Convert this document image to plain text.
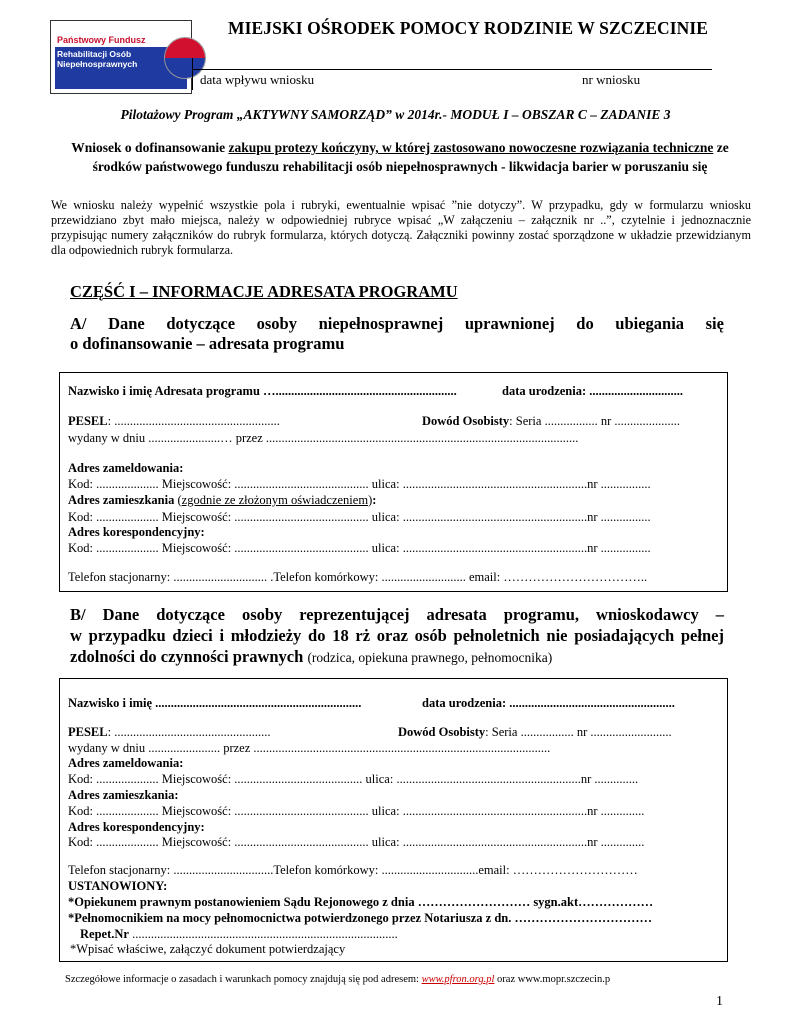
Państwowy Fundusz
Rehabilitacji Osób
Niepełnosprawnych
MIEJSKI OŚRODEK POMOCY RODZINIE W SZCZECINIE
data wpływu wniosku	nr wniosku
Pilotażowy Program „AKTYWNY SAMORZĄD” w 2014r.- MODUŁ I – OBSZAR C – ZADANIE 3
Wniosek o dofinansowanie zakupu protezy kończyny, w której zastosowano nowoczesne rozwiązania techniczne ze środków państwowego funduszu rehabilitacji osób niepełnosprawnych - likwidacja barier w poruszaniu się
We wniosku należy wypełnić wszystkie pola i rubryki, ewentualnie wpisać ”nie dotyczy”. W przypadku, gdy w formularzu wniosku przewidziano zbyt mało miejsca, należy w odpowiedniej rubryce wpisać „W załączeniu – załącznik nr ..”, czytelnie i jednoznacznie przypisując numery załączników do rubryk formularza, których dotyczą. Załączniki powinny zostać sporządzone w układzie przewidzianym dla odpowiednich rubryk formularza.
CZĘŚĆ I – INFORMACJE ADRESATA PROGRAMU
A/ Dane dotyczące osoby niepełnosprawnej uprawnionej do ubiegania się
o dofinansowanie – adresata programu
Nazwisko i imię Adresata programu …..........................................................	data urodzenia: ..............................
PESEL: .....................................................	Dowód Osobisty: Seria ................. nr .....................
wydany w dniu .......................… przez ....................................................................................................
Adres zameldowania:
Kod: .................... Miejscowość: ........................................... ulica: ...........................................................nr ................
Adres zamieszkania (zgodnie ze złożonym oświadczeniem):
Kod: .................... Miejscowość: ........................................... ulica: ...........................................................nr ................
Adres korespondencyjny:
Kod: .................... Miejscowość: ........................................... ulica: ...........................................................nr ................
Telefon stacjonarny: .............................. .Telefon komórkowy: ........................... email: ……………………………..
B/ Dane dotyczące osoby reprezentującej adresata programu, wnioskodawcy –
w przypadku dzieci i młodzieży do 18 rż oraz osób pełnoletnich nie posiadających pełnej
zdolności do czynności prawnych (rodzica, opiekuna prawnego, pełnomocnika)
Nazwisko i imię ..................................................................	data urodzenia: .....................................................
PESEL: ..................................................	Dowód Osobisty: Seria ................. nr ..........................
wydany w dniu ....................... przez ...............................................................................................
Adres zameldowania:
Kod: .................... Miejscowość: ......................................... ulica: ...........................................................nr ..............
Adres zamieszkania:
Kod: .................... Miejscowość: ........................................... ulica: ...........................................................nr ..............
Adres korespondencyjny:
Kod: .................... Miejscowość: ........................................... ulica: ...........................................................nr ..............
Telefon stacjonarny: ................................Telefon komórkowy: ...............................email: …………………………
USTANOWIONY:
*Opiekunem prawnym postanowieniem Sądu Rejonowego z dnia ……………………… sygn.akt………………
*Pełnomocnikiem na mocy pełnomocnictwa potwierdzonego przez Notariusza z dn. ……………………………
Repet.Nr .....................................................................................
*Wpisać właściwe, załączyć dokument potwierdzający
Szczegółowe informacje o zasadach i warunkach pomocy znajdują się pod adresem: www.pfron.org.pl oraz www.mopr.szczecin.p
1
